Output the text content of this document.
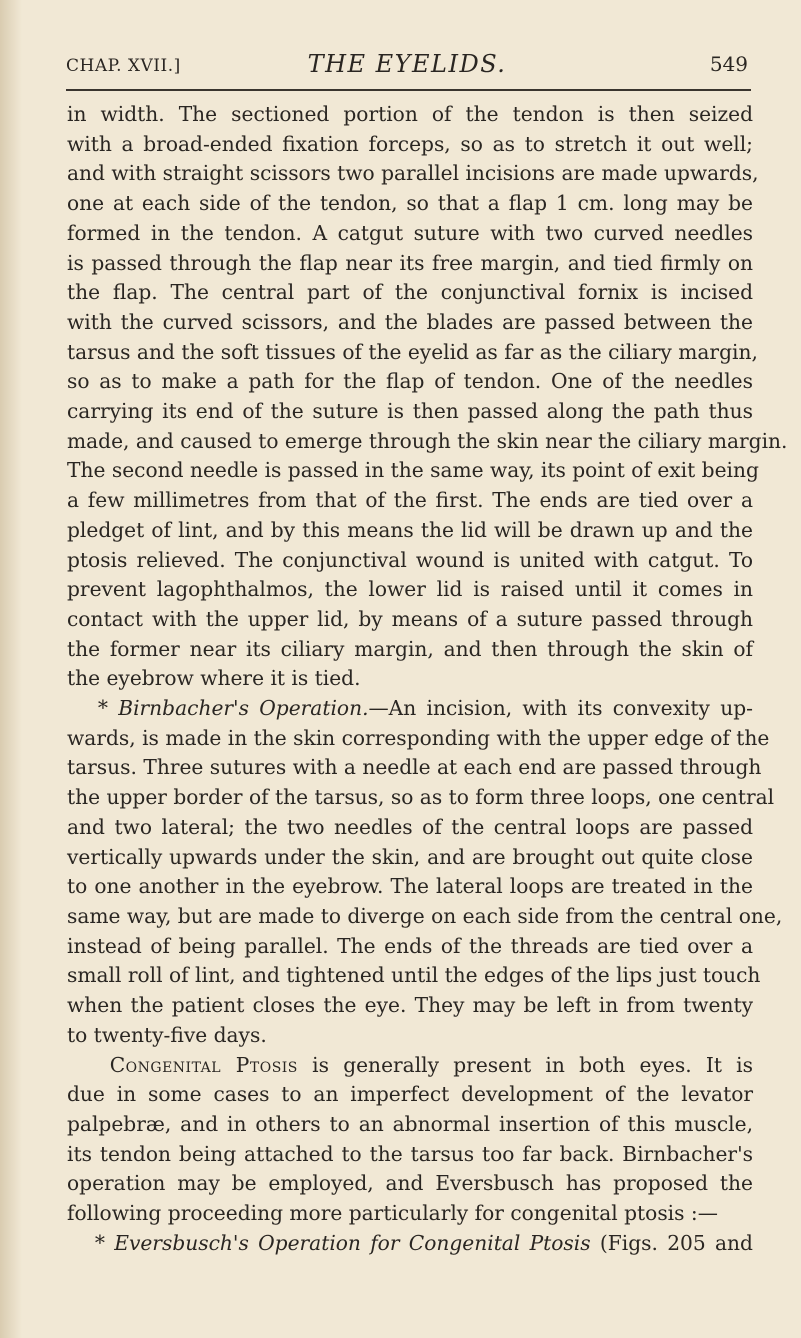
CHAP. XVII.]	THE EYELIDS.	549
in width. The sectioned portion of the tendon is then seized
with a broad-ended fixation forceps, so as to stretch it out well;
and with straight scissors two parallel incisions are made upwards,
one at each side of the tendon, so that a flap 1 cm. long may be
formed in the tendon. A catgut suture with two curved needles
is passed through the flap near its free margin, and tied firmly on
the flap. The central part of the conjunctival fornix is incised
with the curved scissors, and the blades are passed between the
tarsus and the soft tissues of the eyelid as far as the ciliary margin,
so as to make a path for the flap of tendon. One of the needles
carrying its end of the suture is then passed along the path thus
made, and caused to emerge through the skin near the ciliary margin.
The second needle is passed in the same way, its point of exit being
a few millimetres from that of the first. The ends are tied over a
pledget of lint, and by this means the lid will be drawn up and the
ptosis relieved. The conjunctival wound is united with catgut. To
prevent lagophthalmos, the lower lid is raised until it comes in
contact with the upper lid, by means of a suture passed through
the former near its ciliary margin, and then through the skin of
the eyebrow where it is tied.
* Birnbacher's Operation.—An incision, with its convexity up-
wards, is made in the skin corresponding with the upper edge of the
tarsus. Three sutures with a needle at each end are passed through
the upper border of the tarsus, so as to form three loops, one central
and two lateral; the two needles of the central loops are passed
vertically upwards under the skin, and are brought out quite close
to one another in the eyebrow. The lateral loops are treated in the
same way, but are made to diverge on each side from the central one,
instead of being parallel. The ends of the threads are tied over a
small roll of lint, and tightened until the edges of the lips just touch
when the patient closes the eye. They may be left in from twenty
to twenty-five days.
Congenital Ptosis is generally present in both eyes. It is
due in some cases to an imperfect development of the levator
palpebræ, and in others to an abnormal insertion of this muscle,
its tendon being attached to the tarsus too far back. Birnbacher's
operation may be employed, and Eversbusch has proposed the
following proceeding more particularly for congenital ptosis :—
* Eversbusch's Operation for Congenital Ptosis (Figs. 205 and
